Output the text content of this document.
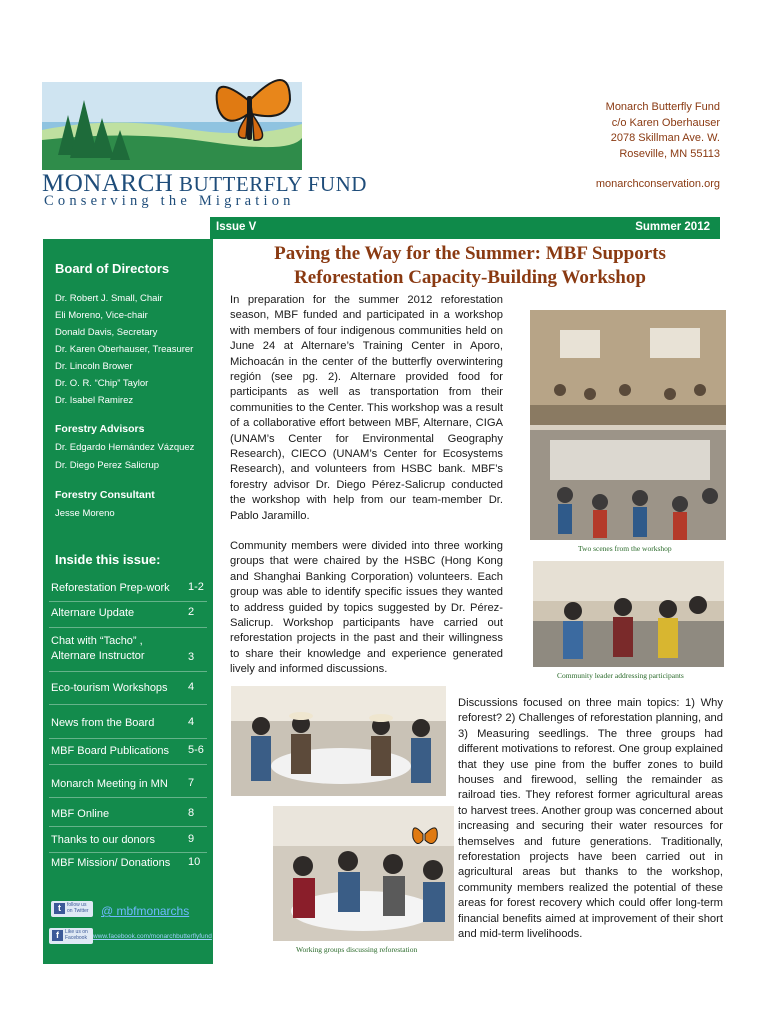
MONARCH BUTTERFLY FUND
Conserving the Migration
Monarch Butterfly Fund
c/o Karen Oberhauser
2078 Skillman Ave. W.
Roseville, MN 55113
monarchconservation.org
Issue V	Summer 2012
Board of Directors
Dr. Robert J. Small, Chair
Eli Moreno, Vice-chair
Donald Davis, Secretary
Dr. Karen Oberhauser, Treasurer
Dr. Lincoln Brower
Dr. O. R. “Chip” Taylor
Dr. Isabel Ramirez
Forestry Advisors
Dr. Edgardo Hernández Vázquez
Dr. Diego Perez Salicrup
Forestry Consultant
Jesse Moreno
Inside this issue:
Reforestation Prep-work 1-2
Alternare Update	2
Chat with “Tacho” , Alternare Instructor	3
Eco-tourism Workshops 4
News from the Board	4
MBF Board Publications 5-6
Monarch Meeting in MN 7
MBF Online	8
Thanks to our donors	9
MBF Mission/ Donations 10
t	follow us on Twitter	@ mbfmonarchs
f	Like us on Facebook www.facebook.com/monarchbutterflyfund
Paving the Way for the Summer: MBF Supports
Reforestation Capacity-Building Workshop
In preparation for the summer 2012 reforestation season, MBF funded and participated in a workshop with members of four indigenous communities held on June 24 at Alternare’s Training Center in Aporo, Michoacán in the center of the butterfly overwintering región (see pg. 2). Alternare provided food for participants as well as transportation from their communities to the Center. This workshop was a result of a collaborative effort between MBF, Alternare, CIGA (UNAM’s Center for Environmental Geography Research), CIECO (UNAM’s Center for Ecosystems Research), and volunteers from HSBC bank. MBF’s forestry advisor Dr. Diego Pérez-Salicrup conducted the workshop with help from our team-member Dr. Pablo Jaramillo.
Community members were divided into three working groups that were chaired by the HSBC (Hong Kong and Shanghai Banking Corporation) volunteers. Each group was able to identify specific issues they wanted to address guided by topics suggested by Dr. Pérez-Salicrup. Workshop participants have carried out reforestation projects in the past and their willingness to share their knowledge and experience generated lively and informed discussions.
Discussions focused on three main topics: 1) Why reforest? 2) Challenges of reforestation planning, and 3) Measuring seedlings. The three groups had different motivations to reforest. One group explained that they use pine from the buffer zones to build houses and firewood, selling the remainder as railroad ties. They reforest former agricultural areas to harvest trees. Another group was concerned about increasing and securing their water resources for themselves and future generations. Traditionally, reforestation projects have been carried out in agricultural areas but thanks to the workshop, community members realized the potential of these areas for forest recovery which could offer long-term financial benefits aimed at improvement of their short and mid-term livelihoods.
Two scenes from the workshop
Community leader addressing participants
Working groups discussing reforestation
